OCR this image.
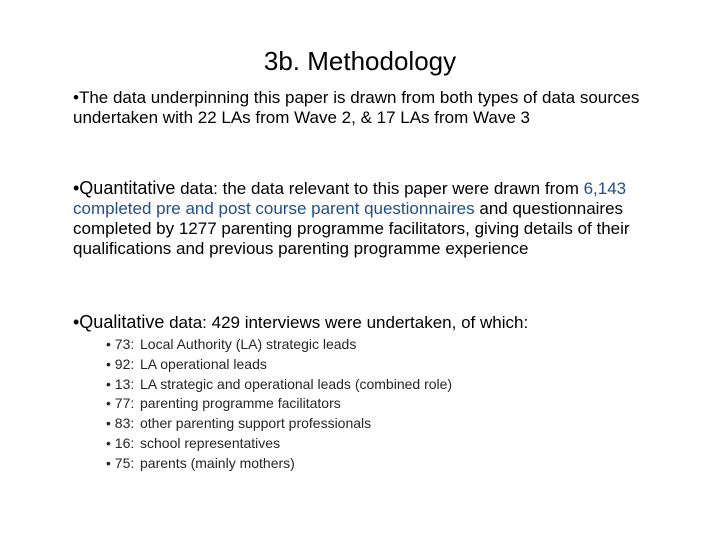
3b. Methodology

•The data underpinning this paper is drawn from both types of data sources undertaken with 22 LAs from Wave 2, & 17 LAs from Wave 3

•Quantitative data: the data relevant to this paper were drawn from 6,143 completed pre and post course parent questionnaires and questionnaires completed by 1277 parenting programme facilitators, giving details of their qualifications and previous parenting programme experience

•Qualitative data: 429 interviews were undertaken, of which:

• 73: Local Authority (LA) strategic leads
• 92: LA operational leads
• 13: LA strategic and operational leads (combined role)
• 77: parenting programme facilitators
• 83: other parenting support professionals
• 16: school representatives
• 75: parents (mainly mothers)
